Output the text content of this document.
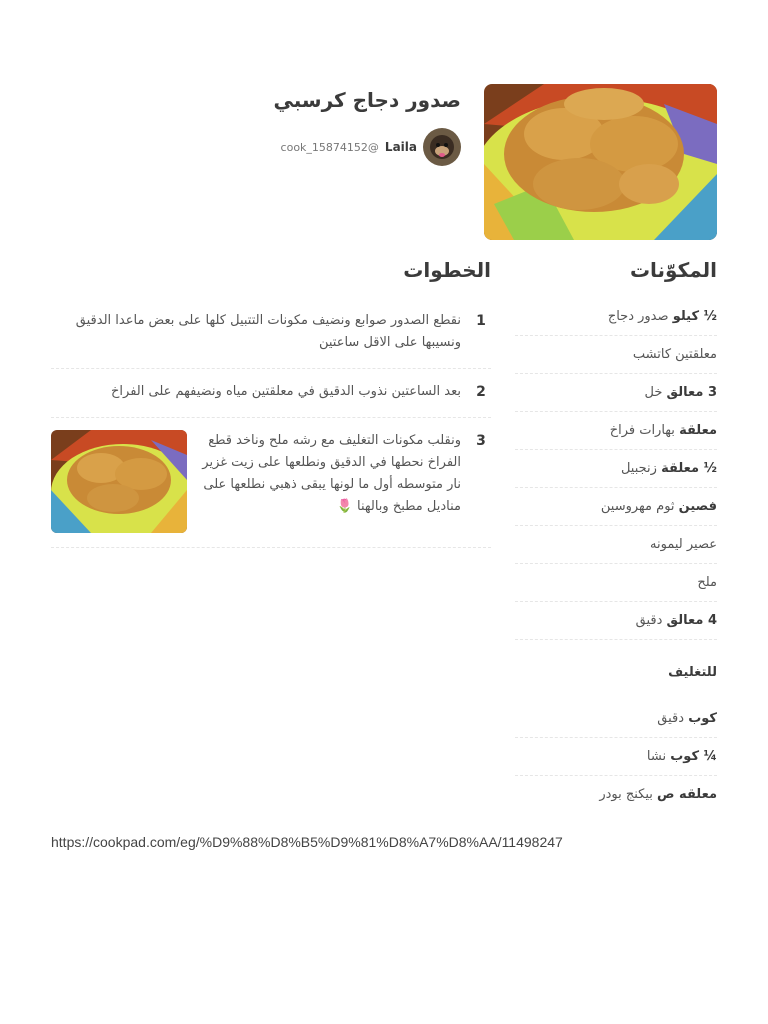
صدور دجاج كرسبي
Laila
@cook_15874152
المكوّنات
½ كيلو صدور دجاج
معلقتين كاتشب
3 معالق خل
معلقة بهارات فراخ
½ معلقة زنجبيل
فصين ثوم مهروسين
عصير ليمونه
ملح
4 معالق دقيق
للتغليف
كوب دقيق
¼ كوب نشا
معلقه ص بيكنج بودر
الخطوات
1
نقطع الصدور صوابع ونضيف مكونات التتبيل كلها على بعض ماعدا الدقيق ونسيبها على الاقل ساعتين
2
بعد الساعتين نذوب الدقيق في معلقتين مياه ونضيفهم على الفراخ
3
ونقلب مكونات التغليف مع رشه ملح وناخد قطع الفراخ نحطها في الدقيق ونطلعها على زيت غزير نار متوسطه أول ما لونها يبقى ذهبي نطلعها على مناديل مطبخ وبالهنا 🌷
https://cookpad.com/eg/%D9%88%D8%B5%D9%81%D8%A7%D8%AA/11498247
